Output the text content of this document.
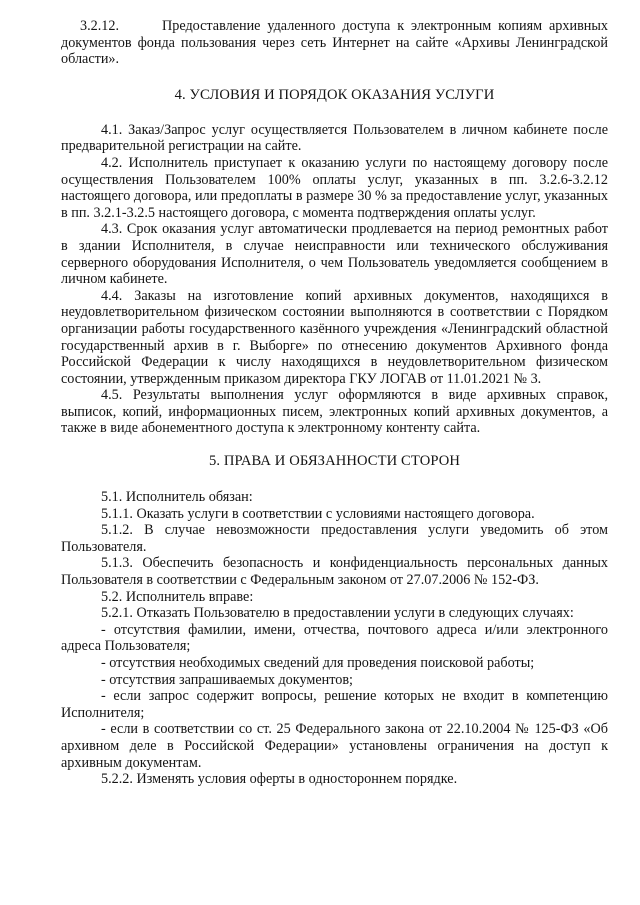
3.2.12.	Предоставление удаленного доступа к электронным копиям архивных документов фонда пользования через сеть Интернет на сайте «Архивы Ленинградской области».

4. УСЛОВИЯ И ПОРЯДОК ОКАЗАНИЯ УСЛУГИ

4.1. Заказ/Запрос услуг осуществляется Пользователем в личном кабинете после предварительной регистрации на сайте.

4.2. Исполнитель приступает к оказанию услуги по настоящему договору после осуществления Пользователем 100% оплаты услуг, указанных в пп. 3.2.6-3.2.12 настоящего договора, или предоплаты в размере 30 % за предоставление услуг, указанных в пп. 3.2.1-3.2.5 настоящего договора, с момента подтверждения оплаты услуг.

4.3. Срок оказания услуг автоматически продлевается на период ремонтных работ в здании Исполнителя, в случае неисправности или технического обслуживания серверного оборудования Исполнителя, о чем Пользователь уведомляется сообщением в личном кабинете.

4.4. Заказы на изготовление копий архивных документов, находящихся в неудовлетворительном физическом состоянии выполняются в соответствии с Порядком организации работы государственного казённого учреждения «Ленинградский областной государственный архив в г. Выборге» по отнесению документов Архивного фонда Российской Федерации к числу находящихся в неудовлетворительном физическом состоянии, утвержденным приказом директора ГКУ ЛОГАВ от 11.01.2021 № 3.

4.5. Результаты выполнения услуг оформляются в виде архивных справок, выписок, копий, информационных писем, электронных копий архивных документов, а также в виде абонементного доступа к электронному контенту сайта.

5. ПРАВА И ОБЯЗАННОСТИ СТОРОН

5.1. Исполнитель обязан:

5.1.1. Оказать услуги в соответствии с условиями настоящего договора.

5.1.2. В случае невозможности предоставления услуги уведомить об этом Пользователя.

5.1.3. Обеспечить безопасность и конфиденциальность персональных данных Пользователя в соответствии с Федеральным законом от 27.07.2006 № 152-ФЗ.

5.2. Исполнитель вправе:

5.2.1. Отказать Пользователю в предоставлении услуги в следующих случаях:

- отсутствия фамилии, имени, отчества, почтового адреса и/или электронного адреса Пользователя;

- отсутствия необходимых сведений для проведения поисковой работы;

- отсутствия запрашиваемых документов;

- если запрос содержит вопросы, решение которых не входит в компетенцию Исполнителя;

- если в соответствии со ст. 25 Федерального закона от 22.10.2004 № 125-ФЗ «Об архивном деле в Российской Федерации» установлены ограничения на доступ к архивным документам.

5.2.2. Изменять условия оферты в одностороннем порядке.
